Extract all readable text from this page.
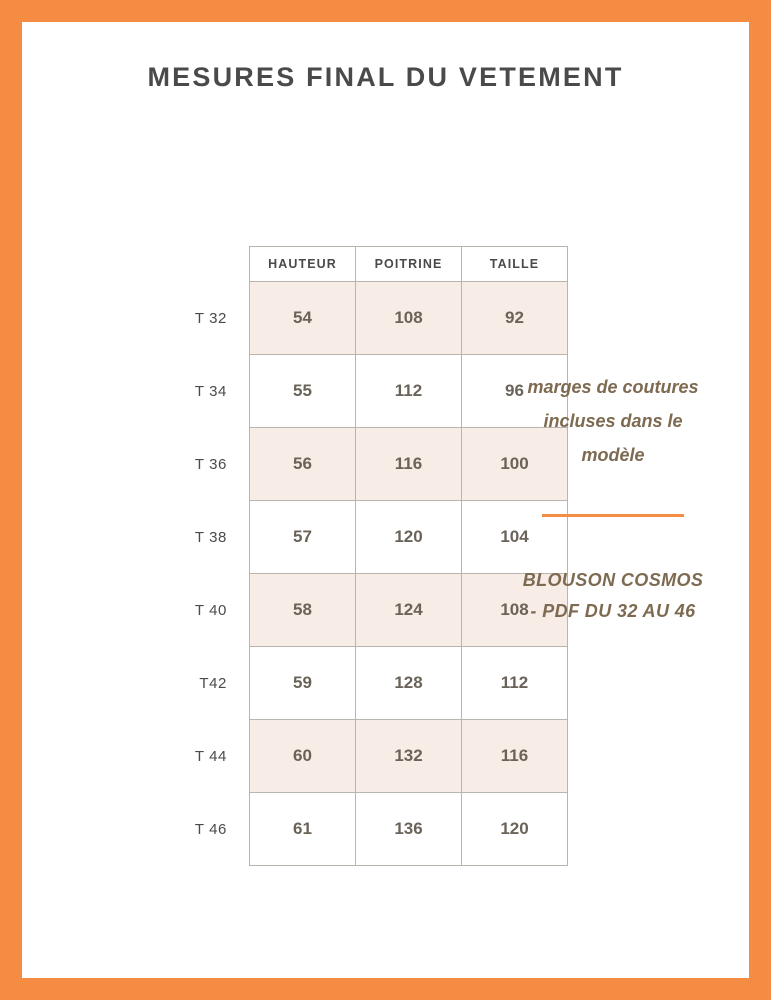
MESURES FINAL DU VETEMENT
	HAUTEUR	POITRINE	TAILLE
T 32	54	108	92
T 34	55	112	96
T 36	56	116	100
T 38	57	120	104
T 40	58	124	108
T42	59	128	112
T 44	60	132	116
T 46	61	136	120
marges de coutures
incluses dans le
modèle
BLOUSON COSMOS
- PDF DU 32 AU 46
